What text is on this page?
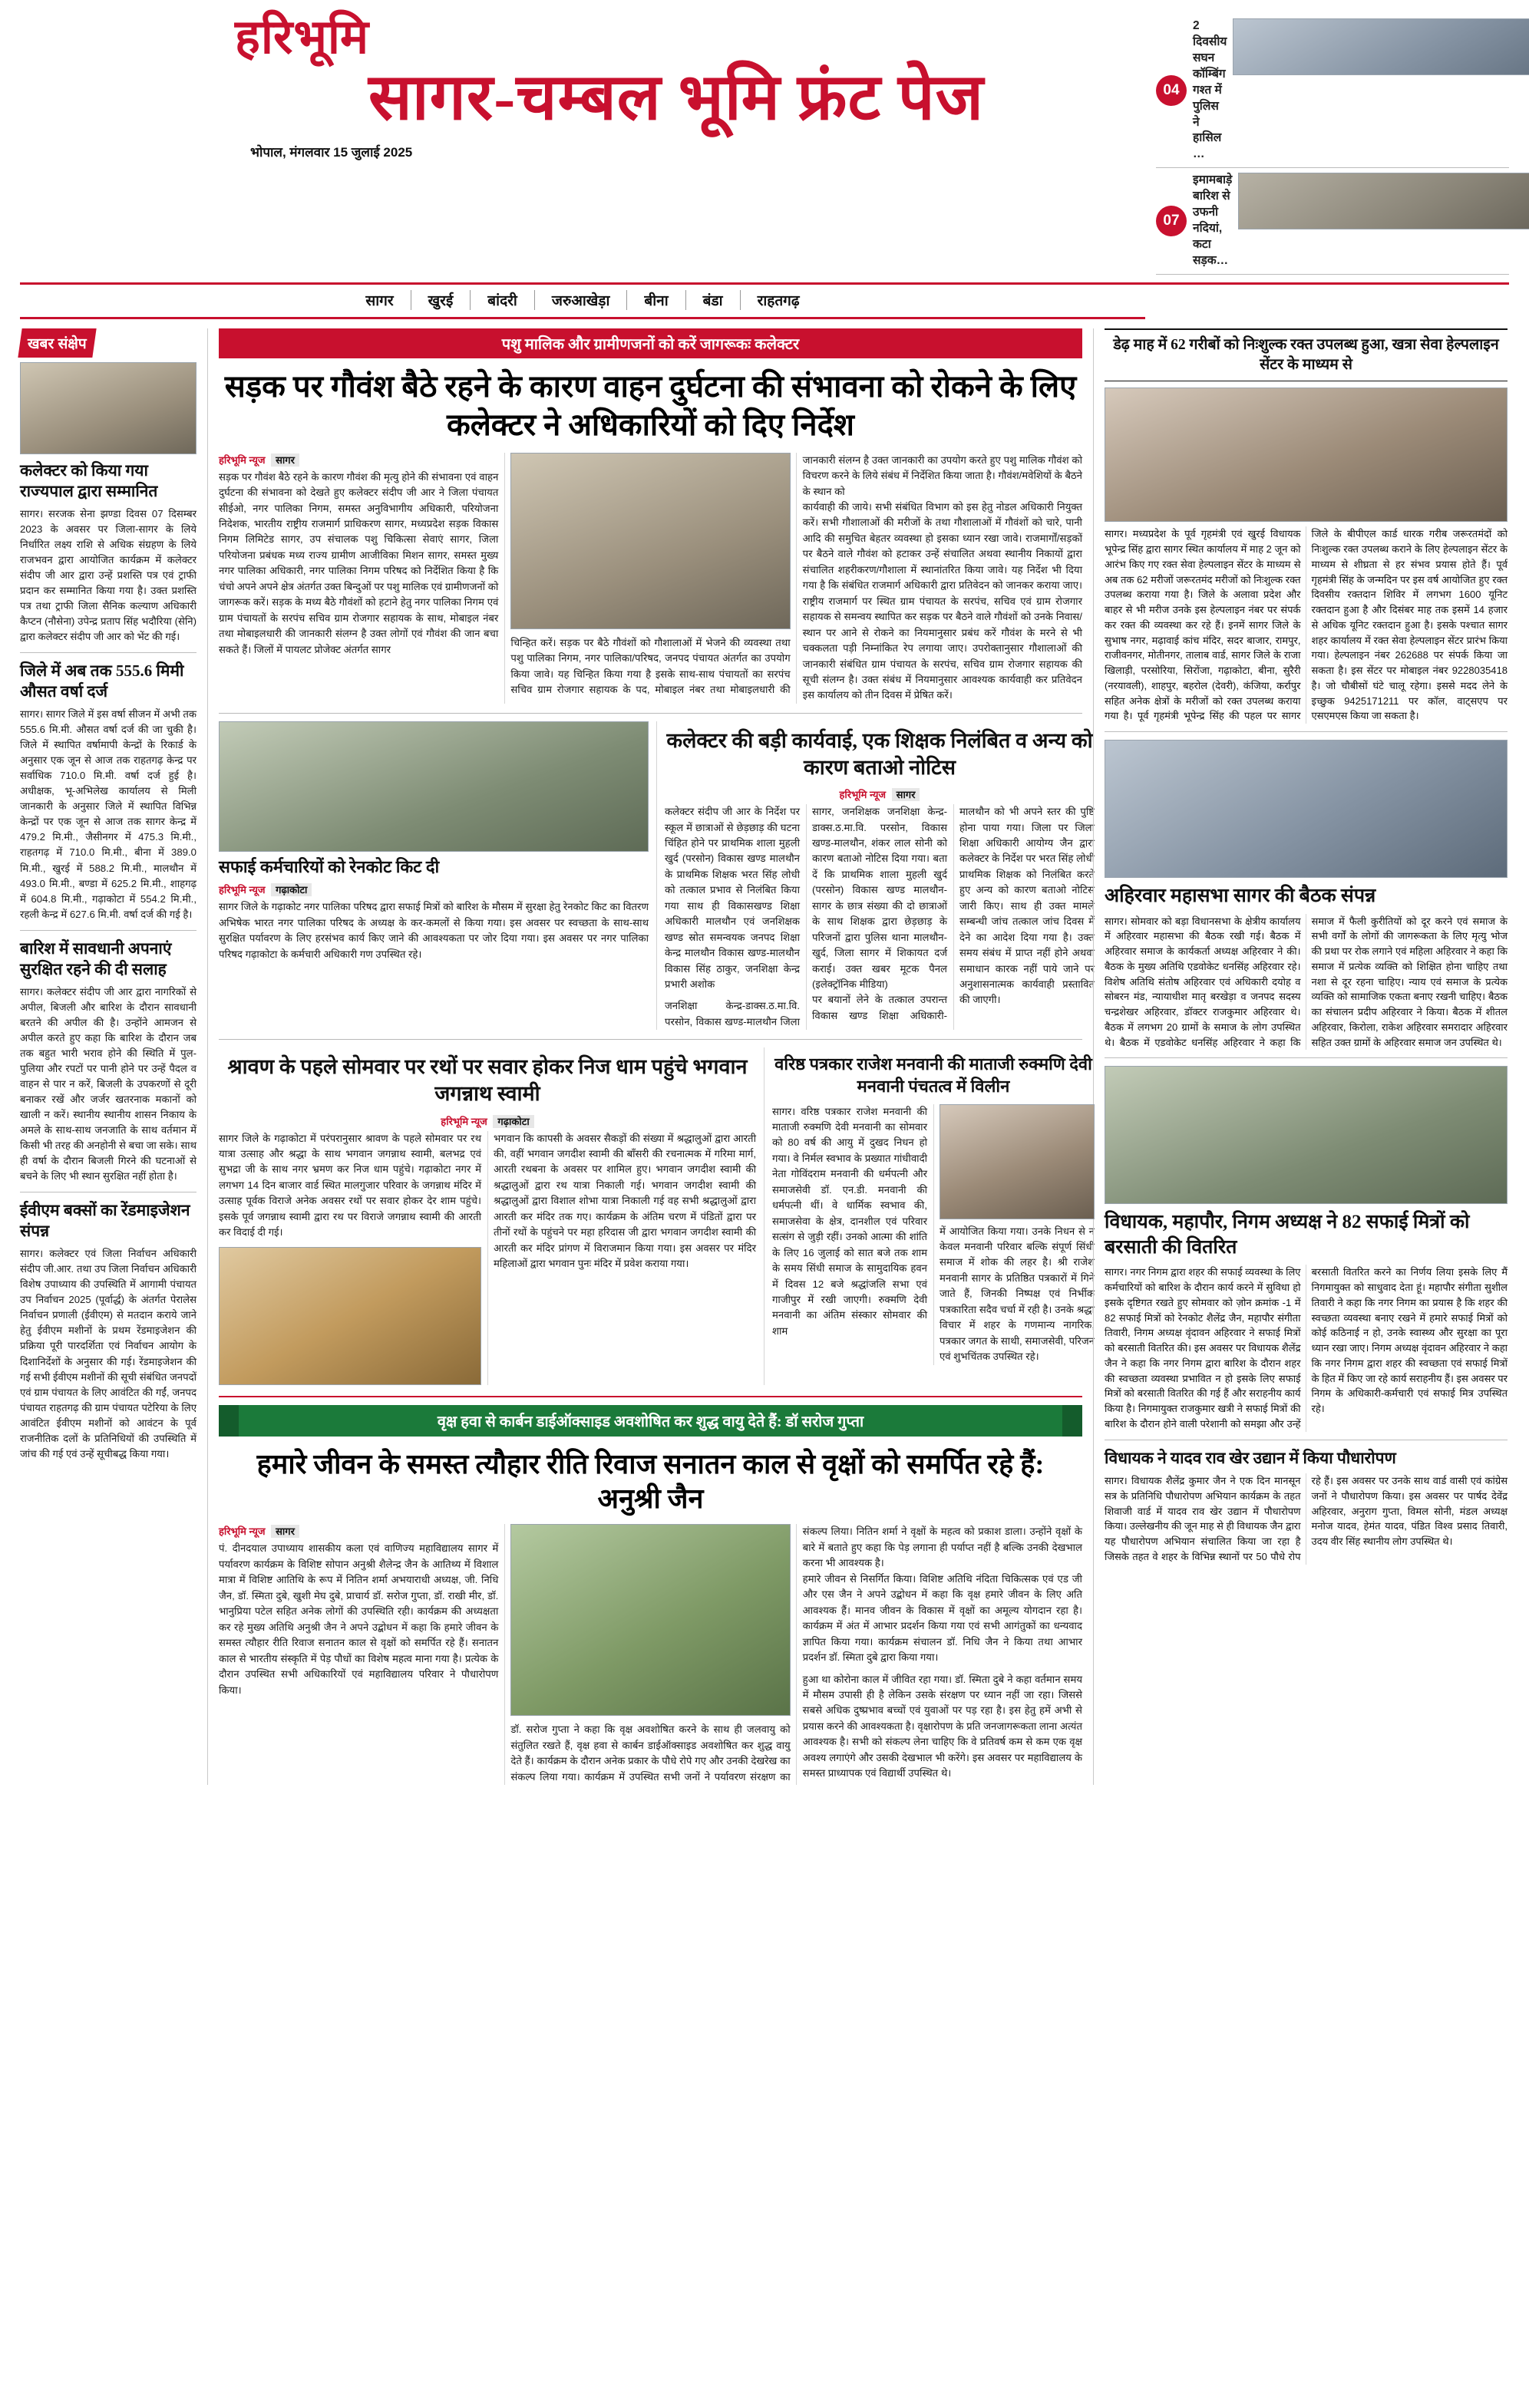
हरिभूमि
सागर-चम्बल भूमि फ्रंट पेज
भोपाल, मंगलवार 15 जुलाई 2025
04
2 दिवसीय सघन कॉम्बिंग गश्त में पुलिस ने हासिल …
07
इमामबाड़े बारिश से उफनी नदियां, कटा सड़क…
सागर	खुरई	बांदरी	जरुआखेड़ा	बीना	बंडा	राहतगढ़
खबर संक्षेप
कलेक्टर को किया गया राज्यपाल द्वारा सम्मानित
सागर। सरजक सेना झण्डा दिवस 07 दिसम्बर 2023 के अवसर पर जिला-सागर के लिये निर्धारित लक्ष्य राशि से अधिक संग्रहण के लिये राजभवन द्वारा आयोजित कार्यक्रम में कलेक्टर संदीप जी आर द्वारा उन्हें प्रशस्ति पत्र एवं ट्राफी प्रदान कर सम्मानित किया गया है। उक्त प्रशस्ति पत्र तथा ट्राफी जिला सैनिक कल्याण अधिकारी कैप्टन (नौसेना) उपेन्द्र प्रताप सिंह भदौरिया (सेनि) द्वारा कलेक्टर संदीप जी आर को भेंट की गई।
जिले में अब तक 555.6 मिमी औसत वर्षा दर्ज
सागर। सागर जिले में इस वर्षा सीजन में अभी तक 555.6 मि.मी. औसत वर्षा दर्ज की जा चुकी है। जिले में स्थापित वर्षामापी केन्द्रों के रिकार्ड के अनुसार एक जून से आज तक राहतगढ़ केन्द्र पर सर्वाधिक 710.0 मि.मी. वर्षा दर्ज हुई है। अधीक्षक, भू-अभिलेख कार्यालय से मिली जानकारी के अनुसार जिले में स्थापित विभिन्न केन्द्रों पर एक जून से आज तक सागर केन्द्र में 479.2 मि.मी., जैसीनगर में 475.3 मि.मी., राहतगढ़ में 710.0 मि.मी., बीना में 389.0 मि.मी., खुरई में 588.2 मि.मी., मालथौन में 493.0 मि.मी., बण्डा में 625.2 मि.मी., शाहगढ़ में 604.8 मि.मी., गढ़ाकोटा में 554.2 मि.मी., रहली केन्द्र में 627.6 मि.मी. वर्षा दर्ज की गई है।
बारिश में सावधानी अपनाएं सुरक्षित रहने की दी सलाह
सागर। कलेक्टर संदीप जी आर द्वारा नागरिकों से अपील, बिजली और बारिश के दौरान सावधानी बरतने की अपील की है। उन्होंने आमजन से अपील करते हुए कहा कि बारिश के दौरान जब तक बहुत भारी भराव होने की स्थिति में पुल-पुलिया और रपटों पर पानी होने पर उन्हें पैदल व वाहन से पार न करें, बिजली के उपकरणों से दूरी बनाकर रखें और जर्जर खतरनाक मकानों को खाली न करें। स्थानीय स्थानीय शासन निकाय के अमले के साथ-साथ जनजाति के साथ वर्तमान में किसी भी तरह की अनहोनी से बचा जा सके। साथ ही वर्षा के दौरान बिजली गिरने की घटनाओं से बचने के लिए भी स्थान सुरक्षित नहीं होता है।
ईवीएम बक्सों का रेंडमाइजेशन संपन्न
सागर। कलेक्टर एवं जिला निर्वाचन अधिकारी संदीप जी.आर. तथा उप जिला निर्वाचन अधिकारी विशेष उपाध्याय की उपस्थिति में आगामी पंचायत उप निर्वाचन 2025 (पूर्वार्द्ध) के अंतर्गत पेरालेस निर्वाचन प्रणाली (ईवीएम) से मतदान कराये जाने हेतु ईवीएम मशीनों के प्रथम रेंडमाइजेशन की प्रक्रिया पूरी पारदर्शिता एवं निर्वाचन आयोग के दिशानिर्देशों के अनुसार की गई। रेंडमाइजेशन की गई सभी ईवीएम मशीनों की सूची संबंधित जनपदों एवं ग्राम पंचायत के लिए आवंटित की गईं, जनपद पंचायत राहतगढ़ की ग्राम पंचायत पटेरिया के लिए आवंटित ईवीएम मशीनों को आवंटन के पूर्व राजनीतिक दलों के प्रतिनिधियों की उपस्थिति में जांच की गई एवं उन्हें सूचीबद्ध किया गया।
पशु मालिक और ग्रामीणजनों को करें जागरूकः कलेक्टर
सड़क पर गौवंश बैठे रहने के कारण वाहन दुर्घटना की संभावना को रोकने के लिए कलेक्टर ने अधिकारियों को दिए निर्देश
हरिभूमि न्यूज सागर

सड़क पर गौवंश बैठे रहने के कारण गौवंश की मृत्यु होने की संभावना एवं वाहन दुर्घटना की संभावना को देखते हुए कलेक्टर संदीप जी आर ने जिला पंचायत सीईओ, नगर पालिका निगम, समस्त अनुविभागीय अधिकारी, परियोजना निदेशक, भारतीय राष्ट्रीय राजमार्ग प्राधिकरण सागर, मध्यप्रदेश सड़क विकास निगम लिमिटेड सागर, उप संचालक पशु चिकित्सा सेवाएं सागर, जिला परियोजना प्रबंधक मध्य राज्य ग्रामीण आजीविका मिशन सागर, समस्त मुख्य नगर पालिका अधिकारी, नगर पालिका निगम परिषद को निर्देशित किया है कि चंचो अपने अपने क्षेत्र अंतर्गत उक्त बिन्दुओं पर पशु मालिक एवं ग्रामीणजनों को जागरूक करें। सड़क के मध्य बैठे गौवंशों को हटाने हेतु नगर पालिका निगम एवं ग्राम पंचायतों के सरपंच सचिव ग्राम रोजगार सहायक के साथ, मोबाइल नंबर तथा मोबाइलधारी की जानकारी संलग्न है उक्त लोगों एवं गौवंश की जान बचा सकते हैं। जिलों में पायलट प्रोजेक्ट अंतर्गत सागर

चिन्हित करें। सड़क पर बैठे गौवंशों को गौशालाओं में भेजने की व्यवस्था तथा पशु पालिका निगम, नगर पालिका/परिषद, जनपद पंचायत अंतर्गत का उपयोग किया जावे। यह चिन्हित किया गया है इसके साथ-साथ पंचायतों का सरपंच सचिव ग्राम रोजगार सहायक के पद, मोबाइल नंबर तथा मोबाइलधारी की जानकारी संलग्न है उक्त जानकारी का उपयोग करते हुए पशु मालिक गौवंश को विचरण करने के लिये संबंध में निर्देशित किया जाता है। गौवंश/मवेशियों के बैठने के स्थान को

कार्यवाही की जाये। सभी संबंधित विभाग को इस हेतु नोडल अधिकारी नियुक्त करें। सभी गौशालाओं की मरीजों के तथा गौशालाओं में गौवंशों को चारे, पानी आदि की समुचित बेहतर व्यवस्था हो इसका ध्यान रखा जावे। राजमार्गों/सड़कों पर बैठने वाले गौवंश को हटाकर उन्हें संचालित अथवा स्थानीय निकायों द्वारा संचालित शहरीकरण/गौशाला में स्थानांतरित किया जावे। यह निर्देश भी दिया गया है कि संबंधित राजमार्ग अधिकारी द्वारा प्रतिवेदन को जानकर कराया जाए। राष्ट्रीय राजमार्ग पर स्थित ग्राम पंचायत के सरपंच, सचिव एवं ग्राम रोजगार सहायक से समन्वय स्थापित कर सड़क पर बैठने वाले गौवंशों को उनके निवास/स्थान पर आने से रोकने का नियमानुसार प्रबंध करें गौवंश के मरने से भी चक्कलता पड़ी निम्नांकित रेप लगाया जाए। उपरोक्तानुसार गौशालाओं की जानकारी संबंधित ग्राम पंचायत के सरपंच, सचिव ग्राम रोजगार सहायक की सूची संलग्न है। उक्त संबंध में नियमानुसार आवश्यक कार्यवाही कर प्रतिवेदन इस कार्यालय को तीन दिवस में प्रेषित करें।

सफाई कर्मचारियों को रेनकोट किट दी
हरिभूमि न्यूज गढ़ाकोटा
सागर जिले के गढ़ाकोट नगर पालिका परिषद द्वारा सफाई मित्रों को बारिश के मौसम में सुरक्षा हेतु रेनकोट किट का वितरण अभिषेक भारत नगर पालिका परिषद के अध्यक्ष के कर-कमलों से किया गया। इस अवसर पर स्वच्छता के साथ-साथ सुरक्षित पर्यावरण के लिए हरसंभव कार्य किए जाने की आवश्यकता पर जोर दिया गया। इस अवसर पर नगर पालिका परिषद गढ़ाकोटा के कर्मचारी अधिकारी गण उपस्थित रहे।
कलेक्टर की बड़ी कार्यवाई, एक शिक्षक निलंबित व अन्य को कारण बताओ नोटिस
हरिभूमि न्यूज सागर

कलेक्टर संदीप जी आर के निर्देश पर स्कूल में छात्राओं से छेड़छाड़ की घटना चिंहित होने पर प्राथमिक शाला मुहली खुर्द (परसोन) विकास खण्ड मालथौन के प्राथमिक शिक्षक भरत सिंह लोधी को तत्काल प्रभाव से निलंबित किया गया साथ ही विकासखण्ड शिक्षा अधिकारी मालथौन एवं जनशिक्षक खण्ड स्रोत समन्वयक जनपद शिक्षा केन्द्र मालथौन विकास खण्ड-मालथौन विकास सिंह ठाकुर, जनशिक्षा केन्द्र प्रभारी अशोक

जनशिक्षा केन्द्र-डाक्स.ठ.मा.वि. परसोन, विकास खण्ड-मालथौन जिला सागर, जनशिक्षक जनशिक्षा केन्द्र-डाक्स.ठ.मा.वि. परसोन, विकास खण्ड-मालथौन, शंकर लाल सोनी को कारण बताओ नोटिस दिया गया। बता दें कि प्राथमिक शाला मुहली खुर्द (परसोन) विकास खण्ड मालथौन-सागर के छात्र संख्या की दो छात्राओं के साथ शिक्षक द्वारा छेड़छाड़ के परिजनों द्वारा पुलिस थाना मालथौन-खुर्द, जिला सागर में शिकायत दर्ज कराई। उक्त खबर मूटक पैनल (इलेक्ट्रॉनिक मीडिया)

पर बयानों लेने के तत्काल उपरान्त विकास खण्ड शिक्षा अधिकारी-मालथौन को भी अपने स्तर की पुष्टि होना पाया गया। जिला पर जिला शिक्षा अधिकारी आयोग्य जैन द्वारा कलेक्टर के निर्देश पर भरत सिंह लोधी प्राथमिक शिक्षक को निलंबित करते हुए अन्य को कारण बताओ नोटिस जारी किए। साथ ही उक्त मामले सम्बन्धी जांच तत्काल जांच दिवस में देने का आदेश दिया गया है। उक्त समय संबंध में प्राप्त नहीं होने अथवा समाधान कारक नहीं पाये जाने पर अनुशासनात्मक कार्यवाही प्रस्तावित की जाएगी।

श्रावण के पहले सोमवार पर रथों पर सवार होकर निज धाम पहुंचे भगवान जगन्नाथ स्वामी
हरिभूमि न्यूज गढ़ाकोटा

सागर जिले के गढ़ाकोटा में परंपरानुसार श्रावण के पहले सोमवार पर रथ यात्रा उत्साह और श्रद्धा के साथ भगवान जगन्नाथ स्वामी, बलभद्र एवं सुभद्रा जी के साथ नगर भ्रमण कर निज धाम पहुंचे। गढ़ाकोटा नगर में लगभग 14 दिन बाजार वार्ड स्थित मालगुजार परिवार के जगन्नाथ मंदिर में उत्साह पूर्वक विराजे अनेक अवसर रथों पर सवार होकर देर शाम पहुंचे। इसके पूर्व जगन्नाथ स्वामी द्वारा रथ पर विराजे जगन्नाथ स्वामी की आरती कर विदाई दी गई।

भगवान कि कापसी के अवसर सैकड़ों की संख्या में श्रद्धालुओं द्वारा आरती की, वहीं भगवान जगदीश स्वामी की बाँसरी की रचनात्मक में गरिमा मार्ग, आरती रथबना के अवसर पर शामिल हुए। भगवान जगदीश स्वामी की श्रद्धालुओं द्वारा रथ यात्रा निकाली गई। भगवान जगदीश स्वामी की श्रद्धालुओं द्वारा विशाल शोभा यात्रा निकाली गई वह सभी श्रद्धालुओं द्वारा आरती कर मंदिर तक गए। कार्यक्रम के अंतिम चरण में पंडितों द्वारा पर तीनों रथों के पहुंचने पर महा हरिदास जी द्वारा भगवान जगदीश स्वामी की आरती कर मंदिर प्रांगण में विराजमान किया गया। इस अवसर पर मंदिर महिलाओं द्वारा भगवान पुनः मंदिर में प्रवेश कराया गया।

वरिष्ठ पत्रकार राजेश मनवानी की माताजी रुक्मणि देवी मनवानी पंचतत्व में विलीन

सागर। वरिष्ठ पत्रकार राजेश मनवानी की माताजी रुक्मणि देवी मनवानी का सोमवार को 80 वर्ष की आयु में दुखद निधन हो गया। वे निर्मल स्वभाव के प्रख्यात गांधीवादी नेता गोविंदराम मनवानी की धर्मपत्नी और समाजसेवी डॉ. एन.डी. मनवानी की धर्मपत्नी थीं। वे धार्मिक स्वभाव की, समाजसेवा के क्षेत्र, दानशील एवं परिवार सत्संग से जुड़ी रहीं। उनको आत्मा की शांति के लिए 16 जुलाई को सात बजे तक शाम के समय सिंधी समाज के सामुदायिक हवन में दिवस 12 बजे श्रद्धांजलि सभा एवं गाजीपुर में रखी जाएगी। रुक्मणि देवी मनवानी का अंतिम संस्कार सोमवार की शाम

में आयोजित किया गया। उनके निधन से न केवल मनवानी परिवार बल्कि संपूर्ण सिंधी समाज में शोक की लहर है। श्री राजेश मनवानी सागर के प्रतिष्ठित पत्रकारों में गिने जाते हैं, जिनकी निष्पक्ष एवं निर्भीक पत्रकारिता सदैव चर्चा में रही है। उनके श्रद्धा विचार में शहर के गणमान्य नागरिक, पत्रकार जगत के साथी, समाजसेवी, परिजन एवं शुभचिंतक उपस्थित रहे।

वृक्ष हवा से कार्बन डाईऑक्साइड अवशोषित कर शुद्ध वायु देते हैं: डॉ सरोज गुप्ता
हमारे जीवन के समस्त त्यौहार रीति रिवाज सनातन काल से वृक्षों को समर्पित रहे हैं: अनुश्री जैन
हरिभूमि न्यूज सागर

पं. दीनदयाल उपाध्याय शासकीय कला एवं वाणिज्य महाविद्यालय सागर में पर्यावरण कार्यक्रम के विशिष्ट सोपान अनुश्री शैलेन्द्र जैन के आतिथ्य में विशाल मात्रा में विशिष्ट आतिथि के रूप में नितिन शर्मा अभयाराधी अध्यक्ष, जी. निधि जैन, डॉ. स्मिता दुबे, खुशी मेघ दुबे, प्राचार्य डॉ. सरोज गुप्ता, डॉ. राखी मीर, डॉ. भानुप्रिया पटेल सहित अनेक लोगों की उपस्थिति रही। कार्यक्रम की अध्यक्षता कर रहे मुख्य अतिथि अनुश्री जैन ने अपने उद्बोधन में कहा कि हमारे जीवन के समस्त त्यौहार रीति रिवाज सनातन काल से वृक्षों को समर्पित रहे हैं। सनातन काल से भारतीय संस्कृति में पेड़ पौधों का विशेष महत्व माना गया है। प्रत्येक के दौरान उपस्थित सभी अधिकारियों एवं महाविद्यालय परिवार ने पौधारोपण किया।

डॉ. सरोज गुप्ता ने कहा कि वृक्ष अवशोषित करने के साथ ही जलवायु को संतुलित रखते हैं, वृक्ष हवा से कार्बन डाईऑक्साइड अवशोषित कर शुद्ध वायु देते हैं। कार्यक्रम के दौरान अनेक प्रकार के पौधे रोपे गए और उनकी देखरेख का संकल्प लिया गया। कार्यक्रम में उपस्थित सभी जनों ने पर्यावरण संरक्षण का संकल्प लिया। नितिन शर्मा ने वृक्षों के महत्व को प्रकाश डाला। उन्होंने वृक्षों के बारे में बताते हुए कहा कि पेड़ लगाना ही पर्याप्त नहीं है बल्कि उनकी देखभाल करना भी आवश्यक है।

हमारे जीवन से निसर्गित किया। विशिष्ट अतिथि नंदिता चिकित्सक एवं एड जी और एस जैन ने अपने उद्बोधन में कहा कि वृक्ष हमारे जीवन के लिए अति आवश्यक हैं। मानव जीवन के विकास में वृक्षों का अमूल्य योगदान रहा है। कार्यक्रम में अंत में आभार प्रदर्शन किया गया एवं सभी आगंतुकों का धन्यवाद ज्ञापित किया गया। कार्यक्रम संचालन डॉ. निधि जैन ने किया तथा आभार प्रदर्शन डॉ. स्मिता दुबे द्वारा किया गया।

हुआ था कोरोना काल में जीवित रहा गया। डॉ. स्मिता दुबे ने कहा वर्तमान समय में मौसम उपासी ही है लेकिन उसके संरक्षण पर ध्यान नहीं जा रहा। जिससे सबसे अधिक दुष्प्रभाव बच्चों एवं युवाओं पर पड़ रहा है। इस हेतु हमें अभी से प्रयास करने की आवश्यकता है। वृक्षारोपण के प्रति जनजागरूकता लाना अत्यंत आवश्यक है। सभी को संकल्प लेना चाहिए कि वे प्रतिवर्ष कम से कम एक वृक्ष अवश्य लगाएंगे और उसकी देखभाल भी करेंगे। इस अवसर पर महाविद्यालय के समस्त प्राध्यापक एवं विद्यार्थी उपस्थित थे।

डेढ़ माह में 62 गरीबों को निःशुल्क रक्त उपलब्ध हुआ, खत्रा सेवा हेल्पलाइन सेंटर के माध्यम से
सागर। मध्यप्रदेश के पूर्व गृहमंत्री एवं खुरई विधायक भूपेन्द्र सिंह द्वारा सागर स्थित कार्यालय में माह 2 जून को आरंभ किए गए रक्त सेवा हेल्पलाइन सेंटर के माध्यम से अब तक 62 मरीजों जरूरतमंद मरीजों को निःशुल्क रक्त उपलब्ध कराया गया है। जिले के अलावा प्रदेश और बाहर से भी मरीज उनके इस हेल्पलाइन नंबर पर संपर्क कर रक्त की व्यवस्था कर रहे हैं। इनमें सागर जिले के सुभाष नगर, मढ़ावाई कांच मंदिर, सदर बाजार, रामपुर, राजीवनगर, मोतीनगर, तालाब वार्ड, सागर जिले के राजा खिलाड़ी, परसोरिया, सिरोंजा, गढ़ाकोटा, बीना, सुरैरी (नरयावली), शाहपुर, बहरोल (देवरी), कंजिया, कर्रापुर सहित अनेक क्षेत्रों के मरीजों को रक्त उपलब्ध कराया गया है। पूर्व गृहमंत्री भूपेन्द्र सिंह की पहल पर सागर जिले के बीपीएल कार्ड धारक गरीब जरूरतमंदों को निःशुल्क रक्त उपलब्ध कराने के लिए हेल्पलाइन सेंटर के माध्यम से शीघ्रता से हर संभव प्रयास होते हैं। पूर्व गृहमंत्री सिंह के जन्मदिन पर इस वर्ष आयोजित हुए रक्त दिवसीय रक्तदान शिविर में लगभग 1600 यूनिट रक्तदान हुआ है और दिसंबर माह तक इसमें 14 हजार से अधिक यूनिट रक्तदान हुआ है। इसके पश्चात सागर शहर कार्यालय में रक्त सेवा हेल्पलाइन सेंटर प्रारंभ किया गया। हेल्पलाइन नंबर 262688 पर संपर्क किया जा सकता है। इस सेंटर पर मोबाइल नंबर 9228035418 है। जो चौबीसों घंटे चालू रहेगा। इससे मदद लेने के इच्छुक 9425171211 पर कॉल, वाट्सएप पर एसएमएस किया जा सकता है।
अहिरवार महासभा सागर की बैठक संपन्न
सागर। सोमवार को बड़ा विधानसभा के क्षेत्रीय कार्यालय में अहिरवार महासभा की बैठक रखी गई। बैठक में अहिरवार समाज के कार्यकर्ता अध्यक्ष अहिरवार ने की। बैठक के मुख्य अतिथि एडवोकेट धनसिंह अहिरवार रहे। विशेष अतिथि संतोष अहिरवार एवं अधिकारी दयोह व सोबरन मंड, न्यायाधीश मातृ बरखेड़ा व जनपद सदस्य चन्द्रशेखर अहिरवार, डॉक्टर राजकुमार अहिरवार थे। बैठक में लगभग 20 ग्रामों के समाज के लोग उपस्थित थे। बैठक में एडवोकेट धनसिंह अहिरवार ने कहा कि समाज में फैली कुरीतियों को दूर करने एवं समाज के सभी वर्गों के लोगों की जागरूकता के लिए मृत्यु भोज की प्रथा पर रोक लगाने एवं महिला अहिरवार ने कहा कि समाज में प्रत्येक व्यक्ति को शिक्षित होना चाहिए तथा नशा से दूर रहना चाहिए। न्याय एवं समाज के प्रत्येक व्यक्ति को सामाजिक एकता बनाए रखनी चाहिए। बैठक का संचालन प्रदीप अहिरवार ने किया। बैठक में शीतल अहिरवार, किरोला, राकेश अहिरवार समरादार अहिरवार सहित उक्त ग्रामों के अहिरवार समाज जन उपस्थित थे।
विधायक, महापौर, निगम अध्यक्ष ने 82 सफाई मित्रों को बरसाती की वितरित
सागर। नगर निगम द्वारा शहर की सफाई व्यवस्था के लिए कर्मचारियों को बारिश के दौरान कार्य करने में सुविधा हो इसके दृष्टिगत रखते हुए सोमवार को ज़ोन क्रमांक -1 में 82 सफाई मित्रों को रेनकोट शैलेंद्र जैन, महापौर संगीता तिवारी, निगम अध्यक्ष वृंदावन अहिरवार ने सफाई मित्रों को बरसाती वितरित की। इस अवसर पर विधायक शैलेंद्र जैन ने कहा कि नगर निगम द्वारा बारिश के दौरान शहर की स्वच्छता व्यवस्था प्रभावित न हो इसके लिए सफाई मित्रों को बरसाती वितरित की गई हैं और सराहनीय कार्य किया है। निगमायुक्त राजकुमार खत्री ने सफाई मित्रों की बारिश के दौरान होने वाली परेशानी को समझा और उन्हें बरसाती वितरित करने का निर्णय लिया इसके लिए मैं निगमायुक्त को साधुवाद देता हूं। महापौर संगीता सुशील तिवारी ने कहा कि नगर निगम का प्रयास है कि शहर की स्वच्छता व्यवस्था बनाए रखने में हमारे सफाई मित्रों को कोई कठिनाई न हो, उनके स्वास्थ्य और सुरक्षा का पूरा ध्यान रखा जाए। निगम अध्यक्ष वृंदावन अहिरवार ने कहा कि नगर निगम द्वारा शहर की स्वच्छता एवं सफाई मित्रों के हित में किए जा रहे कार्य सराहनीय हैं। इस अवसर पर निगम के अधिकारी-कर्मचारी एवं सफाई मित्र उपस्थित रहे।
विधायक ने यादव राव खेर उद्यान में किया पौधारोपण
सागर। विधायक शैलेंद्र कुमार जैन ने एक दिन मानसून सत्र के प्रतिनिधि पौधारोपण अभियान कार्यक्रम के तहत शिवाजी वार्ड में यादव राव खेर उद्यान में पौधारोपण किया। उल्लेखनीय की जून माह से ही विधायक जैन द्वारा यह पौधारोपण अभियान संचालित किया जा रहा है जिसके तहत वे शहर के विभिन्न स्थानों पर 50 पौधे रोप रहे हैं। इस अवसर पर उनके साथ वार्ड वासी एवं कांग्रेस जनों ने पौधारोपण किया। इस अवसर पर पार्षद देवेंद्र अहिरवार, अनुराग गुप्ता, विमल सोनी, मंडल अध्यक्ष मनोज यादव, हेमंत यादव, पंडित विश्व प्रसाद तिवारी, उदय वीर सिंह स्थानीय लोग उपस्थित थे।
